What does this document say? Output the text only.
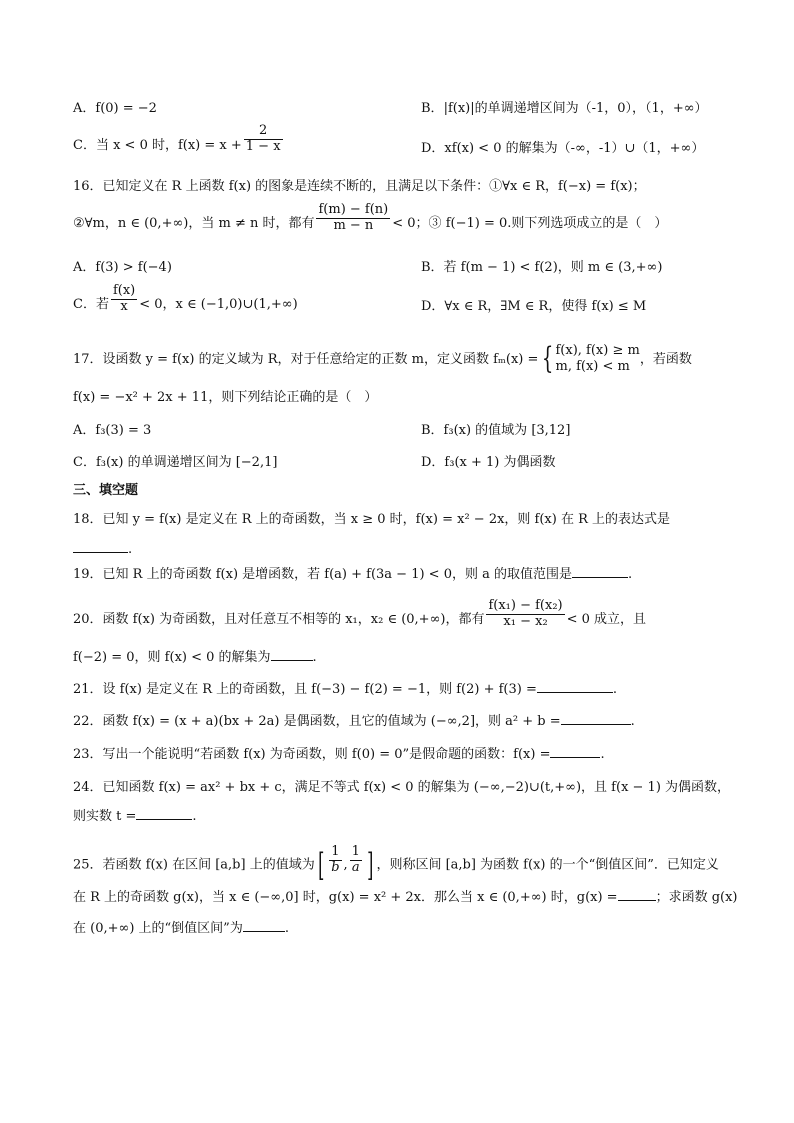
A．f(0) = −2	B．|f(x)|的单调递增区间为（-1，0），（1，+∞）
C．当 x < 0 时，$f(x) = x + \frac{2}{1 - x}$	D．xf(x) < 0 的解集为（-∞，-1）∪（1，+∞）
16．已知定义在 R 上函数 f(x) 的图象是连续不断的，且满足以下条件：①∀x ∈ R，f(−x) = f(x)；
②∀m，n ∈ (0,+∞)，当 m ≠ n 时，都有 $\frac{f(m) - f(n)}{m - n} < 0$；③ f(−1) = 0.则下列选项成立的是（　）
A．f(3) > f(−4)	B．若 f(m − 1) < f(2)，则 m ∈ (3,+∞)
C．若 $\frac{f(x)}{x} < 0$，x ∈ (−1,0)∪(1,+∞)	D．∀x ∈ R，∃M ∈ R，使得 f(x) ≤ M
17．设函数 y = f(x) 的定义域为 R，对于任意给定的正数 m，定义函数 fₘ(x) = { f(x), f(x) ≥ m
m, f(x) < m ，若函数
f(x) = −x² + 2x + 11，则下列结论正确的是（　）
A．f₃(3) = 3	B．f₃(x) 的值域为 [3,12]
C．f₃(x) 的单调递增区间为 [−2,1]	D．f₃(x + 1) 为偶函数
三、填空题
18．已知 y = f(x) 是定义在 R 上的奇函数，当 x ≥ 0 时，f(x) = x² − 2x，则 f(x) 在 R 上的表达式是
.
19．已知 R 上的奇函数 f(x) 是增函数，若 f(a) + f(3a − 1) < 0，则 a 的取值范围是	.
20．函数 f(x) 为奇函数，且对任意互不相等的 x₁，x₂ ∈ (0,+∞)，都有 $\frac{\text{f(x₁) − f(x₂)}}{\text{x₁ − x₂}} < 0$ 成立，且
f(−2) = 0，则 f(x) < 0 的解集为	.
21．设 f(x) 是定义在 R 上的奇函数，且 f(−3) − f(2) = −1，则 f(2) + f(3) =	.
22．函数 f(x) = (x + a)(bx + 2a) 是偶函数，且它的值域为 (−∞,2]，则 a² + b =	.
23．写出一个能说明“若函数 f(x) 为奇函数，则 f(0) = 0”是假命题的函数：f(x) =	.
24．已知函数 f(x) = ax² + bx + c，满足不等式 f(x) < 0 的解集为 (−∞,−2)∪(t,+∞)，且 f(x − 1) 为偶函数，
则实数 t =	.
25．若函数 f(x) 在区间 [a,b] 上的值域为[ $\frac{1}{b}$ , $\frac{1}{a}$ ] ，则称区间 [a,b] 为函数 f(x) 的一个“倒值区间”．已知定义
在 R 上的奇函数 g(x)，当 x ∈ (−∞,0] 时，g(x) = x² + 2x．那么当 x ∈ (0,+∞) 时，g(x) =	；求函数 g(x)
在 (0,+∞) 上的“倒值区间”为	.
